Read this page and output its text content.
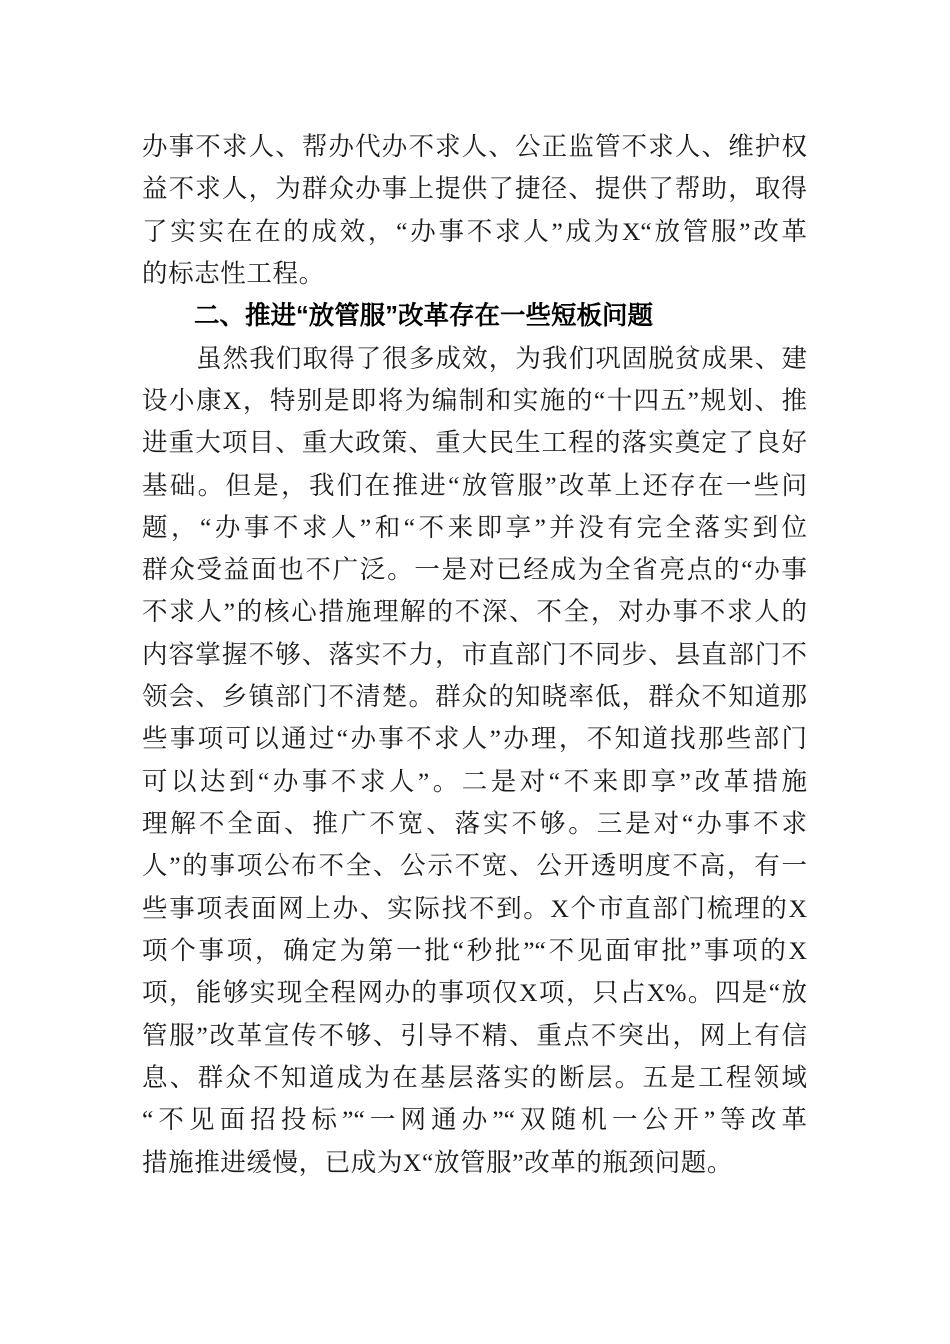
办事不求人、帮办代办不求人、公正监管不求人、维护权
益不求人，为群众办事上提供了捷径、提供了帮助，取得
了实实在在的成效，“办事不求人”成为X“放管服”改革
的标志性工程。
二、推进“放管服”改革存在一些短板问题
虽然我们取得了很多成效，为我们巩固脱贫成果、建
设小康X，特别是即将为编制和实施的“十四五”规划、推
进重大项目、重大政策、重大民生工程的落实奠定了良好
基础。但是，我们在推进“放管服”改革上还存在一些问
题，“办事不求人”和“不来即享”并没有完全落实到位
群众受益面也不广泛。一是对已经成为全省亮点的“办事
不求人”的核心措施理解的不深、不全，对办事不求人的
内容掌握不够、落实不力，市直部门不同步、县直部门不
领会、乡镇部门不清楚。群众的知晓率低，群众不知道那
些事项可以通过“办事不求人”办理，不知道找那些部门
可以达到“办事不求人”。二是对“不来即享”改革措施
理解不全面、推广不宽、落实不够。三是对“办事不求
人”的事项公布不全、公示不宽、公开透明度不高，有一
些事项表面网上办、实际找不到。X个市直部门梳理的X
项个事项，确定为第一批“秒批”“不见面审批”事项的X
项，能够实现全程网办的事项仅X项，只占X%。四是“放
管服”改革宣传不够、引导不精、重点不突出，网上有信
息、群众不知道成为在基层落实的断层。五是工程领域
“不见面招投标”“一网通办”“双随机一公开”等改革
措施推进缓慢，已成为X“放管服”改革的瓶颈问题。
